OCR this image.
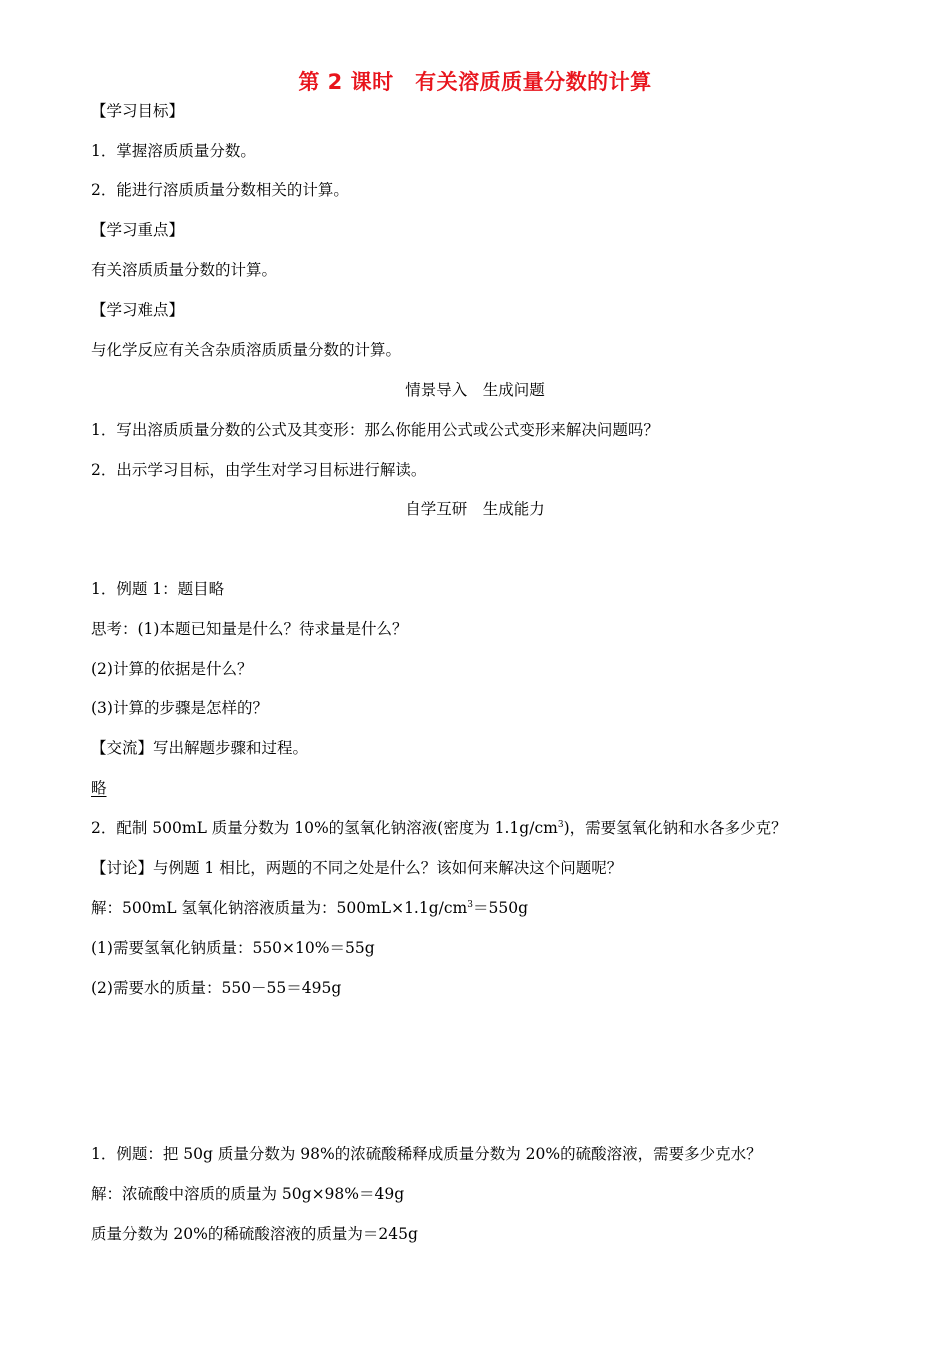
第 2 课时　有关溶质质量分数的计算
【学习目标】
1．掌握溶质质量分数。
2．能进行溶质质量分数相关的计算。
【学习重点】
有关溶质质量分数的计算。
【学习难点】
与化学反应有关含杂质溶质质量分数的计算。
情景导入　生成问题
1．写出溶质质量分数的公式及其变形：那么你能用公式或公式变形来解决问题吗？
2．出示学习目标，由学生对学习目标进行解读。
自学互研　生成能力
1．例题 1：题目略
思考：(1)本题已知量是什么？待求量是什么？
(2)计算的依据是什么？
(3)计算的步骤是怎样的？
【交流】写出解题步骤和过程。
略
2．配制 500mL 质量分数为 10%的氢氧化钠溶液(密度为 $1.1g/cm^3$)，需要氢氧化钠和水各多少克？
【讨论】与例题 1 相比，两题的不同之处是什么？该如何来解决这个问题呢？
解：500mL 氢氧化钠溶液质量为：$500mL\times 1.1g/cm^3=550g$
(1)需要氢氧化钠质量：550×10%＝55g
(2)需要水的质量：550－55＝495g
1．例题：把 50g 质量分数为 98%的浓硫酸稀释成质量分数为 20%的硫酸溶液，需要多少克水？
解：浓硫酸中溶质的质量为 50g×98%＝49g
质量分数为 20%的稀硫酸溶液的质量为＝245g
